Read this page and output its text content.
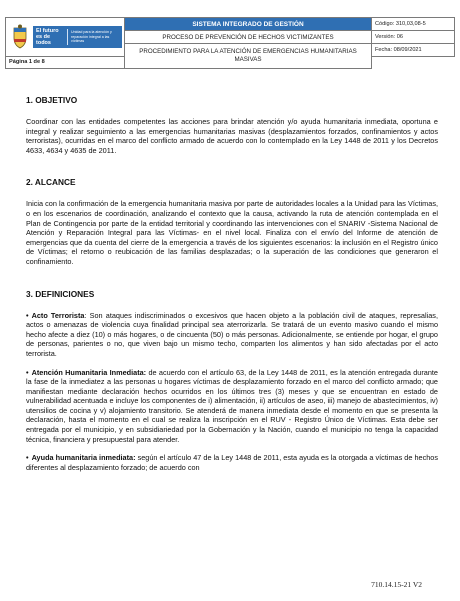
El futuro es de todos
Unidad para la atención y reparación integral a las víctimas	SISTEMA INTEGRADO DE GESTIÓN	Código: 310,03,08-5
	PROCESO DE PREVENCIÓN DE HECHOS VICTIMIZANTES	Versión: 06
	PROCEDIMIENTO PARA LA ATENCIÓN DE EMERGENCIAS HUMANITARIAS MASIVAS	Fecha: 08/09/2021
Página 1 de 8		
1. OBJETIVO

Coordinar con las entidades competentes las acciones para brindar atención y/o ayuda humanitaria inmediata, oportuna e integral y realizar seguimiento a las emergencias humanitarias masivas (desplazamientos forzados, confinamientos y actos terroristas), ocurridas en el marco del conflicto armado de acuerdo con lo contemplado en la Ley 1448 de 2011 y los Decretos 4633, 4634 y 4635 de 2011.

2. ALCANCE

Inicia con la confirmación de la emergencia humanitaria masiva por parte de autoridades locales a la Unidad para las Víctimas, o en los escenarios de coordinación, analizando el contexto que la causa, activando la ruta de atención contemplada en el Plan de Contingencia por parte de la entidad territorial y coordinando las intervenciones con el SNARIV -Sistema Nacional de Atención y Reparación Integral para las Víctimas- en el nivel local. Finaliza con el envío del Informe de atención de emergencias que da cuenta del cierre de la emergencia a través de los siguientes escenarios: la inclusión en el Registro único de Víctimas; el retorno o reubicación de las familias desplazadas; o la superación de las condiciones que generaron el confinamiento.

3. DEFINICIONES

• Acto Terrorista: Son ataques indiscriminados o excesivos que hacen objeto a la población civil de ataques, represalias, actos o amenazas de violencia cuya finalidad principal sea aterrorizarla. Se tratará de un evento masivo cuando el mismo hecho afecte a diez (10) o más hogares, o de cincuenta (50) o más personas. Adicionalmente, se entiende por hogar, el grupo de personas, parientes o no, que viven bajo un mismo techo, comparten los alimentos y han sido afectadas por el acto terrorista.

• Atención Humanitaria Inmediata: de acuerdo con el artículo 63, de la Ley 1448 de 2011, es la atención entregada durante la fase de la inmediatez a las personas u hogares víctimas de desplazamiento forzado en el marco del conflicto armado; que manifiestan mediante declaración hechos ocurridos en los últimos tres (3) meses y que se encuentran en estado de vulnerabilidad acentuada e incluye los componentes de i) alimentación, ii) artículos de aseo, iii) manejo de abastecimientos, iv) utensilios de cocina y v) alojamiento transitorio. Se atenderá de manera inmediata desde el momento en que se presenta la declaración, hasta el momento en el cual se realiza la inscripción en el RUV - Registro Único de Víctimas. Esta debe ser entregada por el municipio, y en subsidiariedad por la Gobernación y la Nación, cuando el municipio no tenga la capacidad técnica, financiera y presupuestal para atender.

• Ayuda humanitaria inmediata: según el artículo 47 de la Ley 1448 de 2011, esta ayuda es la otorgada a víctimas de hechos diferentes al desplazamiento forzado; de acuerdo con

710.14.15-21 V2
